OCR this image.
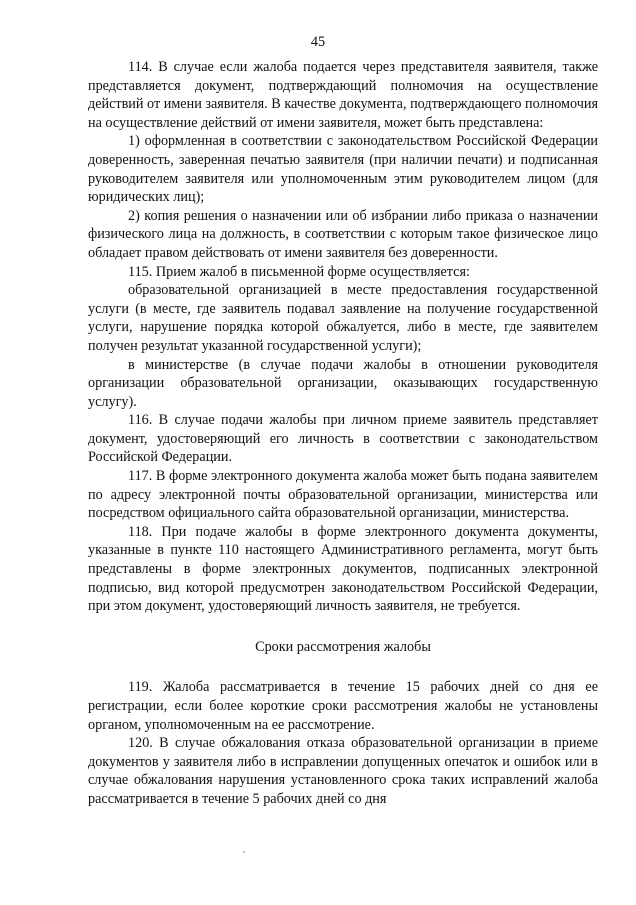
45

114. В случае если жалоба подается через представителя заявителя, также представляется документ, подтверждающий полномочия на осуществление действий от имени заявителя. В качестве документа, подтверждающего полномочия на осуществление действий от имени заявителя, может быть представлена:

1) оформленная в соответствии с законодательством Российской Федерации доверенность, заверенная печатью заявителя (при наличии печати) и подписанная руководителем заявителя или уполномоченным этим руководителем лицом (для юридических лиц);

2) копия решения о назначении или об избрании либо приказа о назначении физического лица на должность, в соответствии с которым такое физическое лицо обладает правом действовать от имени заявителя без доверенности.

115. Прием жалоб в письменной форме осуществляется:

образовательной организацией в месте предоставления государственной услуги (в месте, где заявитель подавал заявление на получение государственной услуги, нарушение порядка которой обжалуется, либо в месте, где заявителем получен результат указанной государственной услуги);

в министерстве (в случае подачи жалобы в отношении руководителя организации образовательной организации, оказывающих государственную услугу).

116. В случае подачи жалобы при личном приеме заявитель представляет документ, удостоверяющий его личность в соответствии с законодательством Российской Федерации.

117. В форме электронного документа жалоба может быть подана заявителем по адресу электронной почты образовательной организации, министерства или посредством официального сайта образовательной организации, министерства.

118. При подаче жалобы в форме электронного документа документы, указанные в пункте 110 настоящего Административного регламента, могут быть представлены в форме электронных документов, подписанных электронной подписью, вид которой предусмотрен законодательством Российской Федерации, при этом документ, удостоверяющий личность заявителя, не требуется.

Сроки рассмотрения жалобы

119. Жалоба рассматривается в течение 15 рабочих дней со дня ее регистрации, если более короткие сроки рассмотрения жалобы не установлены органом, уполномоченным на ее рассмотрение.

120. В случае обжалования отказа образовательной организации в приеме документов у заявителя либо в исправлении допущенных опечаток и ошибок или в случае обжалования нарушения установленного срока таких исправлений жалоба рассматривается в течение 5 рабочих дней со дня
